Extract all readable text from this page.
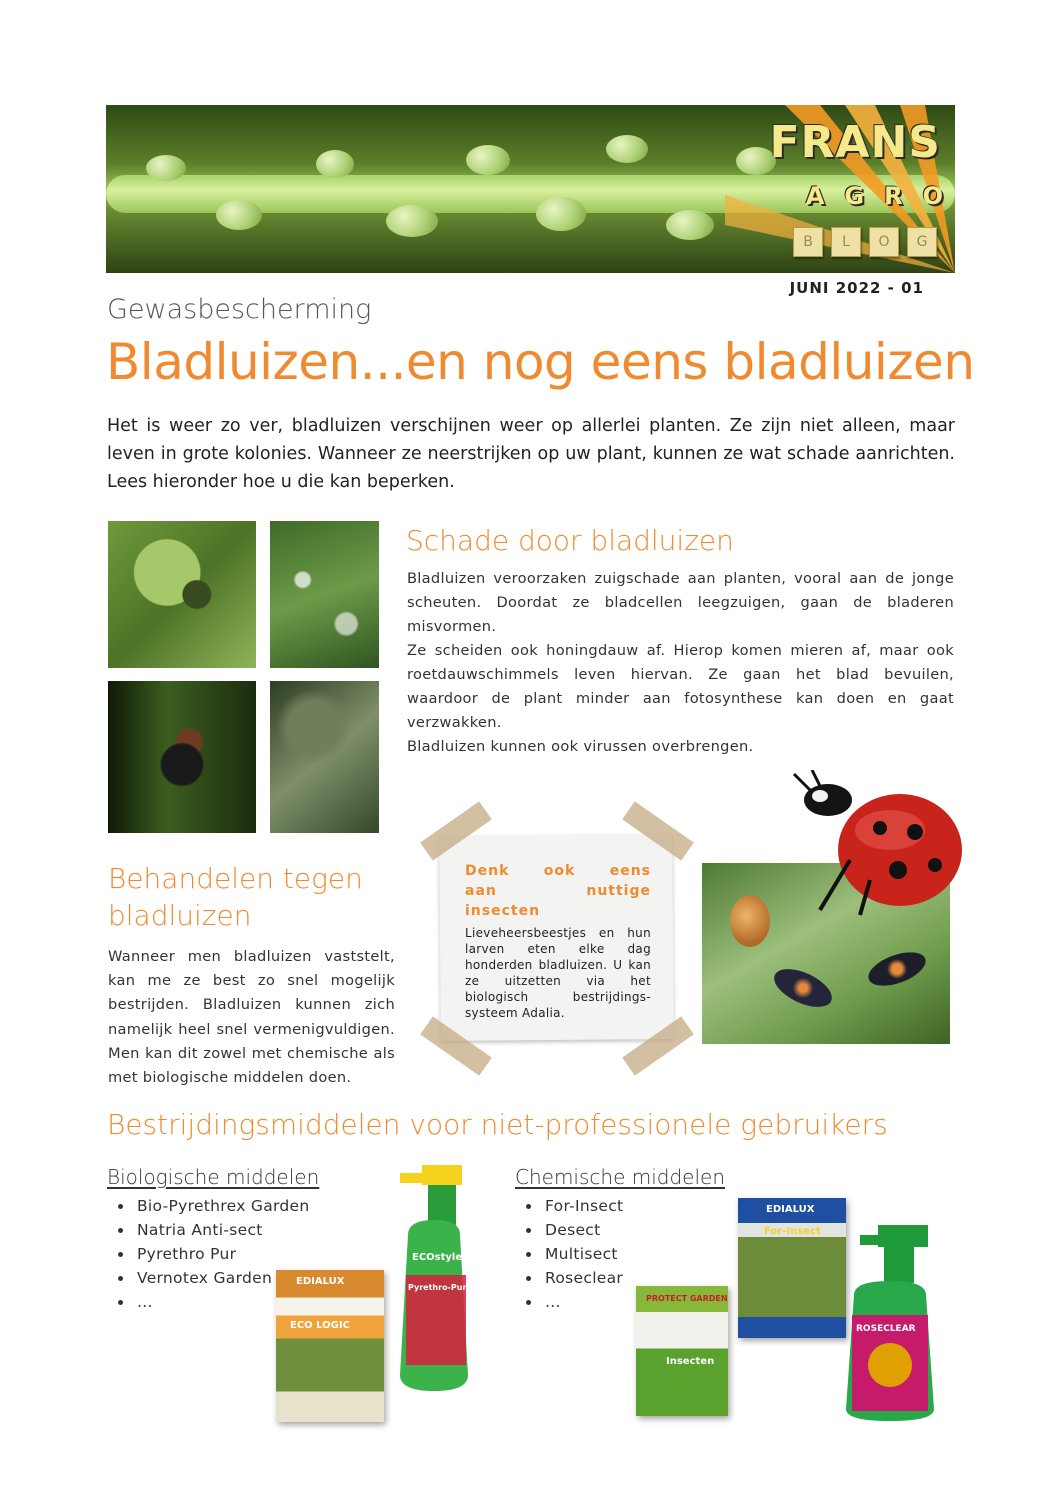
FRANS
A G R O
B	L	O	G
JUNI 2022 - 01
Gewasbescherming
Bladluizen...en nog eens bladluizen
Het is weer zo ver, bladluizen verschijnen weer op allerlei planten. Ze zijn niet alleen, maar leven in grote kolonies. Wanneer ze neerstrijken op uw plant, kunnen ze wat schade aanrichten. Lees hieronder hoe u die kan beperken.
Schade door bladluizen

Bladluizen veroorzaken zuigschade aan planten, vooral aan de jonge scheuten. Doordat ze bladcellen leegzuigen, gaan de bladeren misvormen.

Ze scheiden ook honingdauw af. Hierop komen mieren af, maar ook roetdauwschimmels leven hiervan. Ze gaan het blad bevuilen, waardoor de plant minder aan fotosynthese kan doen en gaat verzwakken.

Bladluizen kunnen ook virussen overbrengen.

Behandelen tegen bladluizen
Wanneer men bladluizen vaststelt, kan me ze best zo snel mogelijk bestrijden. Bladluizen kunnen zich namelijk heel snel vermenigvuldigen. Men kan dit zowel met chemische als met biologische middelen doen.
Denk ook eens aan nuttige insecten
Lieveheersbeestjes en hun larven eten elke dag honderden bladluizen. U kan ze uitzetten via het biologisch bestrijdings-systeem Adalia.
Bestrijdingsmiddelen voor niet-professionele gebruikers
Biologische middelen
Bio-Pyrethrex Garden
Natria Anti-sect
Pyrethro Pur
Vernotex Garden
...
Chemische middelen
For-Insect
Desect
Multisect
Roseclear
...
EDIALUX
ECO LOGIC
ECOstyle
Pyrethro-Pur
PROTECT GARDEN
Insecten
EDIALUX
For-Insect
ROSECLEAR
